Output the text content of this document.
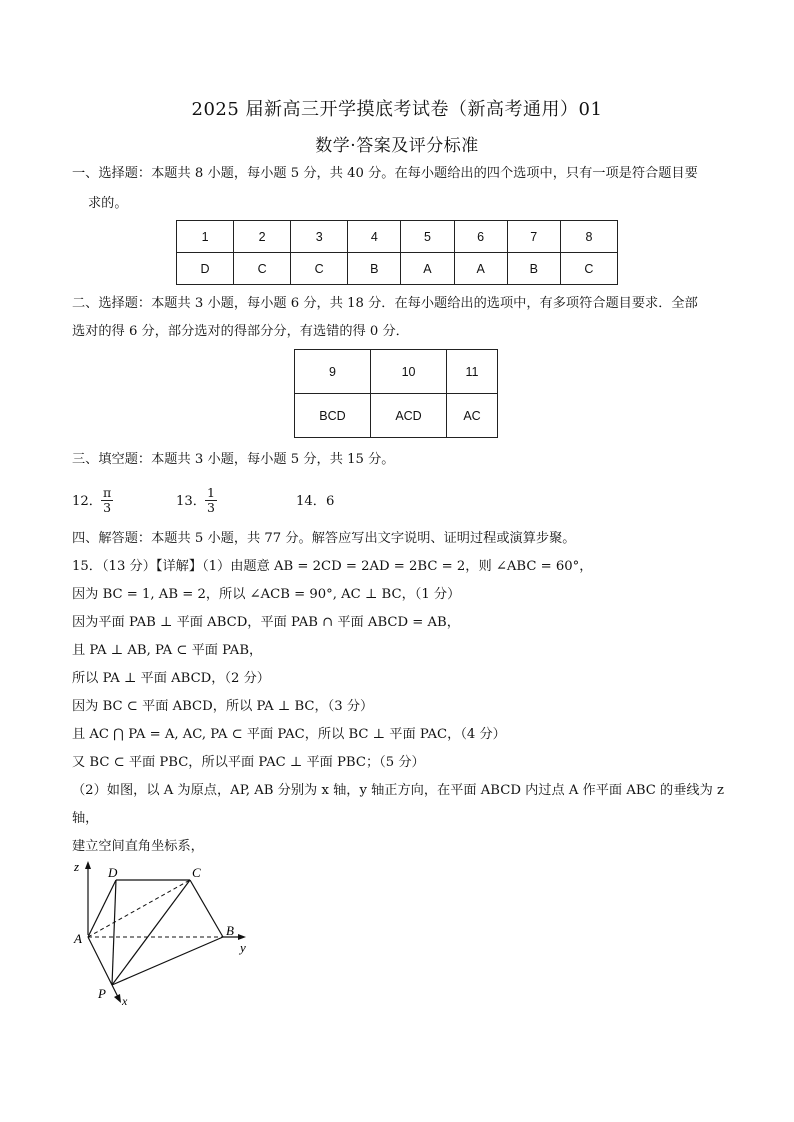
2025 届新高三开学摸底考试卷（新高考通用）01
数学·答案及评分标准
一、选择题：本题共 8 小题，每小题 5 分，共 40 分。在每小题给出的四个选项中，只有一项是符合题目要
求的。
1	2	3	4	5	6	7	8
D	C	C	B	A	A	B	C
二、选择题：本题共 3 小题，每小题 6 分，共 18 分．在每小题给出的选项中，有多项符合题目要求．全部
选对的得 6 分，部分选对的得部分分，有选错的得 0 分．
9	10	11
BCD	ACD	AC
三、填空题：本题共 3 小题，每小题 5 分，共 15 分。
12． $\frac{\pi}{3}$	13． $\frac{1}{3}$	14．6
四、解答题：本题共 5 小题，共 77 分。解答应写出文字说明、证明过程或演算步聚。
15．（13 分）【详解】（1）由题意 AB = 2CD = 2AD = 2BC = 2，则 ∠ABC = 60°，
因为 BC = 1, AB = 2，所以 ∠ACB = 90°, AC ⊥ BC，（1 分）
因为平面 PAB ⊥ 平面 ABCD，平面 PAB ∩ 平面 ABCD = AB，
且 PA ⊥ AB, PA ⊂ 平面 PAB，
所以 PA ⊥ 平面 ABCD，（2 分）
因为 BC ⊂ 平面 ABCD，所以 PA ⊥ BC，（3 分）
且 AC ⋂ PA = A, AC, PA ⊂ 平面 PAC，所以 BC ⊥ 平面 PAC，（4 分）
又 BC ⊂ 平面 PBC，所以平面 PAC ⊥ 平面 PBC；（5 分）
（2）如图，以 A 为原点，AP, AB 分别为 x 轴，y 轴正方向，在平面 ABCD 内过点 A 作平面 ABC 的垂线为 z
轴，
建立空间直角坐标系，
z D	C
A
B
y
P x
